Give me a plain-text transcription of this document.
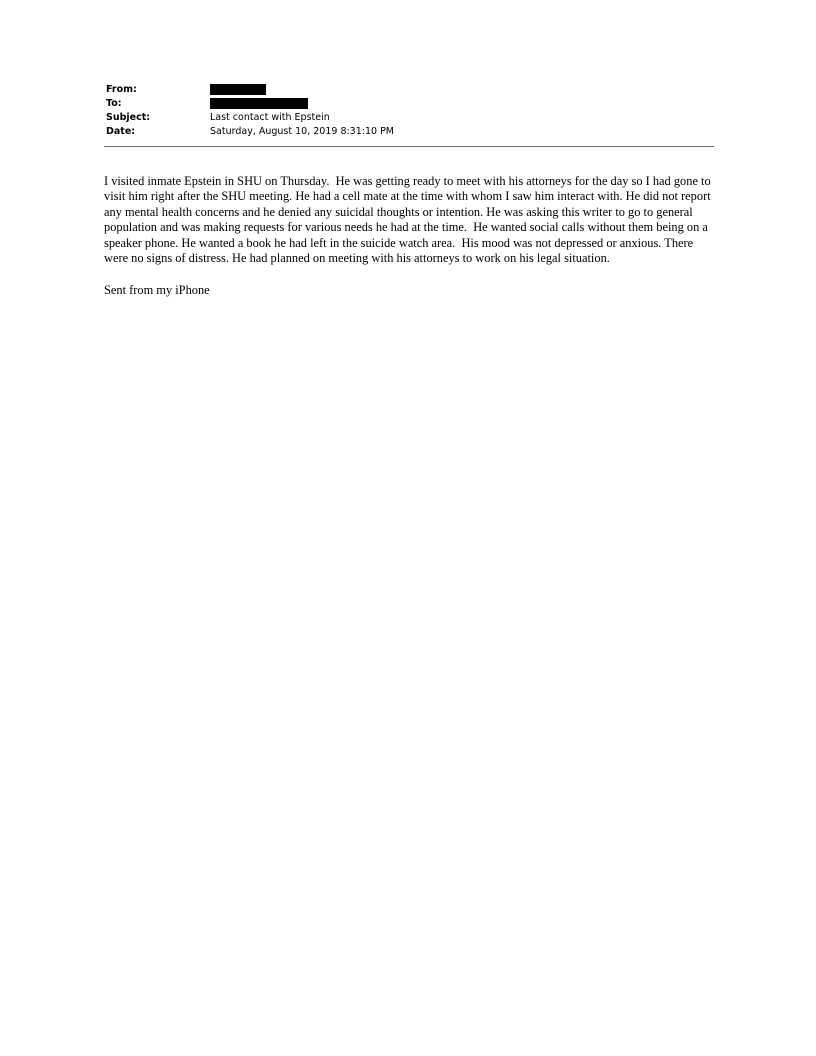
From:
To:
Subject:	Last contact with Epstein
Date:	Saturday, August 10, 2019 8:31:10 PM

I visited inmate Epstein in SHU on Thursday.  He was getting ready to meet with his attorneys for the day so I had gone to visit him right after the SHU meeting. He had a cell mate at the time with whom I saw him interact with. He did not report any mental health concerns and he denied any suicidal thoughts or intention. He was asking this writer to go to general population and was making requests for various needs he had at the time.  He wanted social calls without them being on a speaker phone. He wanted a book he had left in the suicide watch area.  His mood was not depressed or anxious. There were no signs of distress. He had planned on meeting with his attorneys to work on his legal situation.

Sent from my iPhone
